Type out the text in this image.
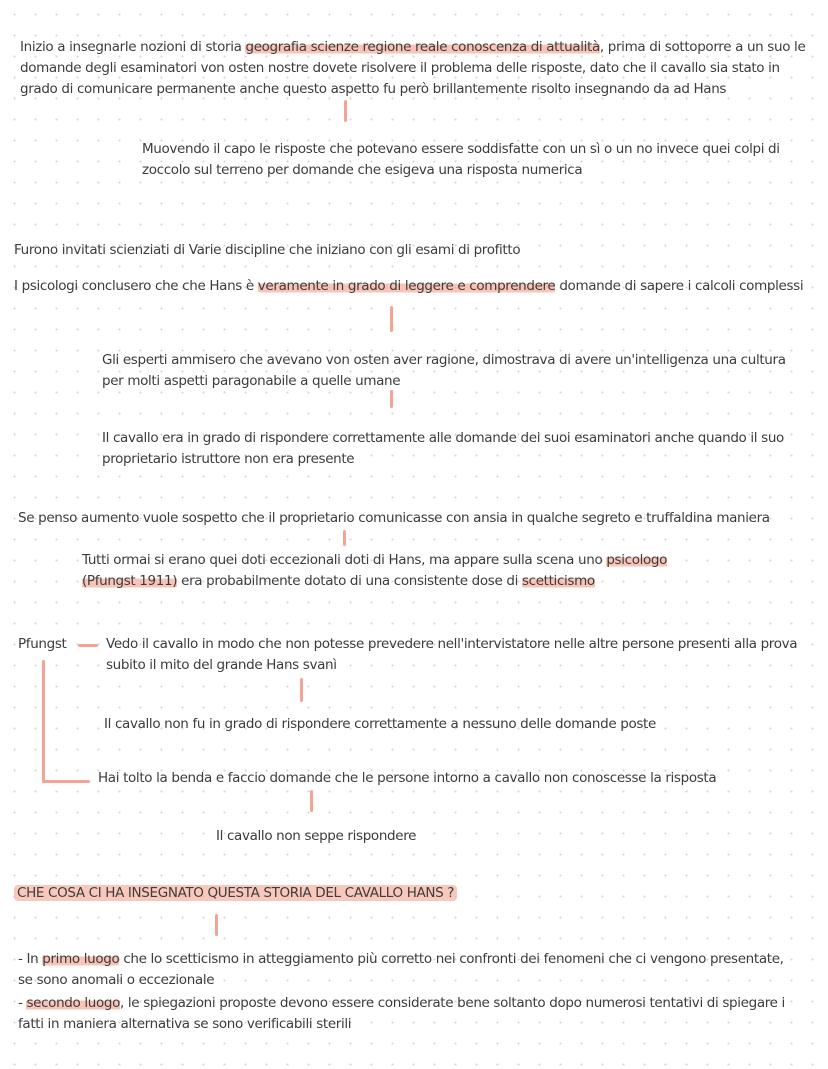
Inizio a insegnarle nozioni di storia geografia scienze regione reale conoscenza di attualità, prima di sottoporre a un suo le domande degli esaminatori von osten nostre dovete risolvere il problema delle risposte, dato che il cavallo sia stato in grado di comunicare permanente anche questo aspetto fu però brillantemente risolto insegnando da ad Hans
Muovendo il capo le risposte che potevano essere soddisfatte con un sì o un no invece quei colpi di zoccolo sul terreno per domande che esigeva una risposta numerica
Furono invitati scienziati di Varie discipline che iniziano con gli esami di profitto
I psicologi conclusero che che Hans è veramente in grado di leggere e comprendere domande di sapere i calcoli complessi
Gli esperti ammisero che avevano von osten aver ragione, dimostrava di avere un'intelligenza una cultura per molti aspetti paragonabile a quelle umane
Il cavallo era in grado di rispondere correttamente alle domande dei suoi esaminatori anche quando il suo proprietario istruttore non era presente
Se penso aumento vuole sospetto che il proprietario comunicasse con ansia in qualche segreto e truffaldina maniera
Tutti ormai si erano quei doti eccezionali doti di Hans, ma appare sulla scena uno psicologo (Pfungst 1911) era probabilmente dotato di una consistente dose di scetticismo
Pfungst	Vedo il cavallo in modo che non potesse prevedere nell'intervistatore nelle altre persone presenti alla prova subito il mito del grande Hans svanì
Il cavallo non fu in grado di rispondere correttamente a nessuno delle domande poste
Hai tolto la benda e faccio domande che le persone intorno a cavallo non conoscesse la risposta
Il cavallo non seppe rispondere
CHE COSA CI HA INSEGNATO QUESTA STORIA DEL CAVALLO HANS ?
- In primo luogo che lo scetticismo in atteggiamento più corretto nei confronti dei fenomeni che ci vengono presentate, se sono anomali o eccezionale
- secondo luogo, le spiegazioni proposte devono essere considerate bene soltanto dopo numerosi tentativi di spiegare i fatti in maniera alternativa se sono verificabili sterili
